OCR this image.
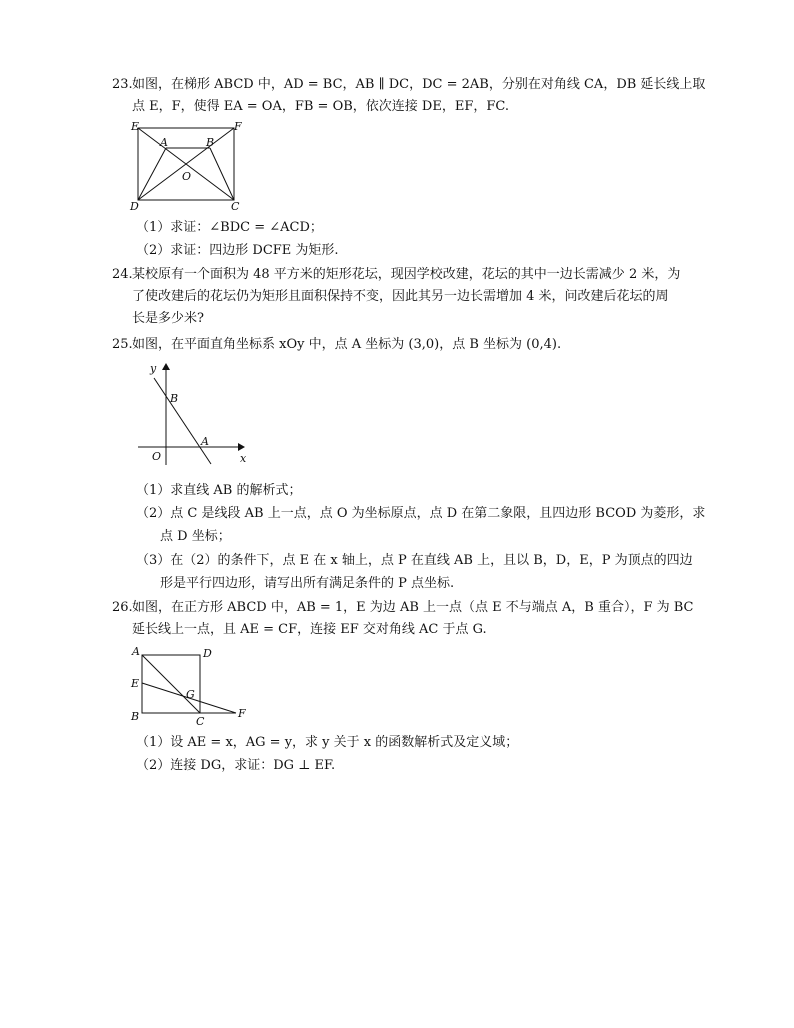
23. 如图，在梯形 ABCD 中，AD = BC，AB ∥ DC，DC = 2AB，分别在对角线 CA，DB 延长线上取
点 E，F，使得 EA = OA，FB = OB，依次连接 DE，EF，FC.
E	F
A	B
O
D	C
（1）求证：∠BDC = ∠ACD；
（2）求证：四边形 DCFE 为矩形.
24. 某校原有一个面积为 48 平方米的矩形花坛，现因学校改建，花坛的其中一边长需减少 2 米，为
了使改建后的花坛仍为矩形且面积保持不变，因此其另一边长需增加 4 米，问改建后花坛的周
长是多少米?
25. 如图，在平面直角坐标系 xOy 中，点 A 坐标为 (3,0)，点 B 坐标为 (0,4).
y
B
A
O	x
（1）求直线 AB 的解析式；
（2）点 C 是线段 AB 上一点，点 O 为坐标原点，点 D 在第二象限，且四边形 BCOD 为菱形，求
点 D 坐标；
（3）在（2）的条件下，点 E 在 x 轴上，点 P 在直线 AB 上，且以 B，D，E，P 为顶点的四边
形是平行四边形，请写出所有满足条件的 P 点坐标.
26. 如图，在正方形 ABCD 中，AB = 1，E 为边 AB 上一点（点 E 不与端点 A，B 重合），F 为 BC
延长线上一点，且 AE = CF，连接 EF 交对角线 AC 于点 G.
A	D
E
G
B	C
F
（1）设 AE = x，AG = y，求 y 关于 x 的函数解析式及定义域；
（2）连接 DG，求证：DG ⊥ EF.
